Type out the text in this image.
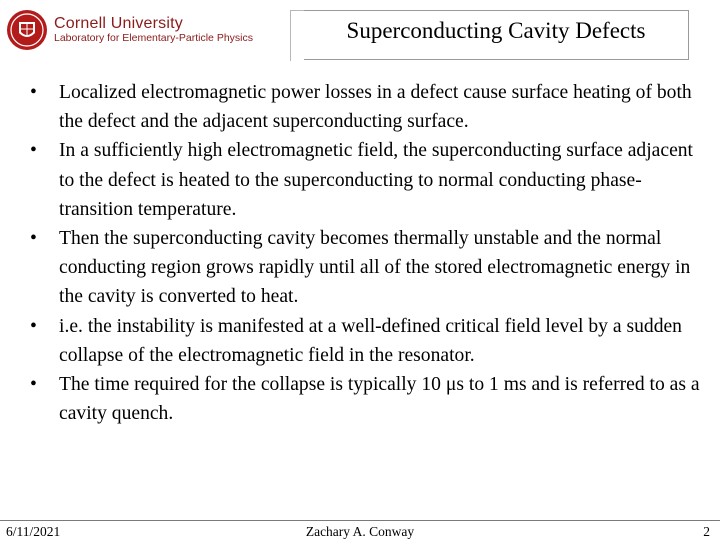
Cornell University
Laboratory for Elementary-Particle Physics	Superconducting Cavity Defects
• Localized electromagnetic power losses in a defect cause surface heating of both the defect and the adjacent superconducting surface.
• In a sufficiently high electromagnetic field, the superconducting surface adjacent to the defect is heated to the superconducting to normal conducting phase-transition temperature.
• Then the superconducting cavity becomes thermally unstable and the normal conducting region grows rapidly until all of the stored electromagnetic energy in the cavity is converted to heat.
• i.e. the instability is manifested at a well-defined critical field level by a sudden collapse of the electromagnetic field in the resonator.
• The time required for the collapse is typically 10 μs to 1 ms and is referred to as a cavity quench.
6/11/2021	Zachary A. Conway	2
